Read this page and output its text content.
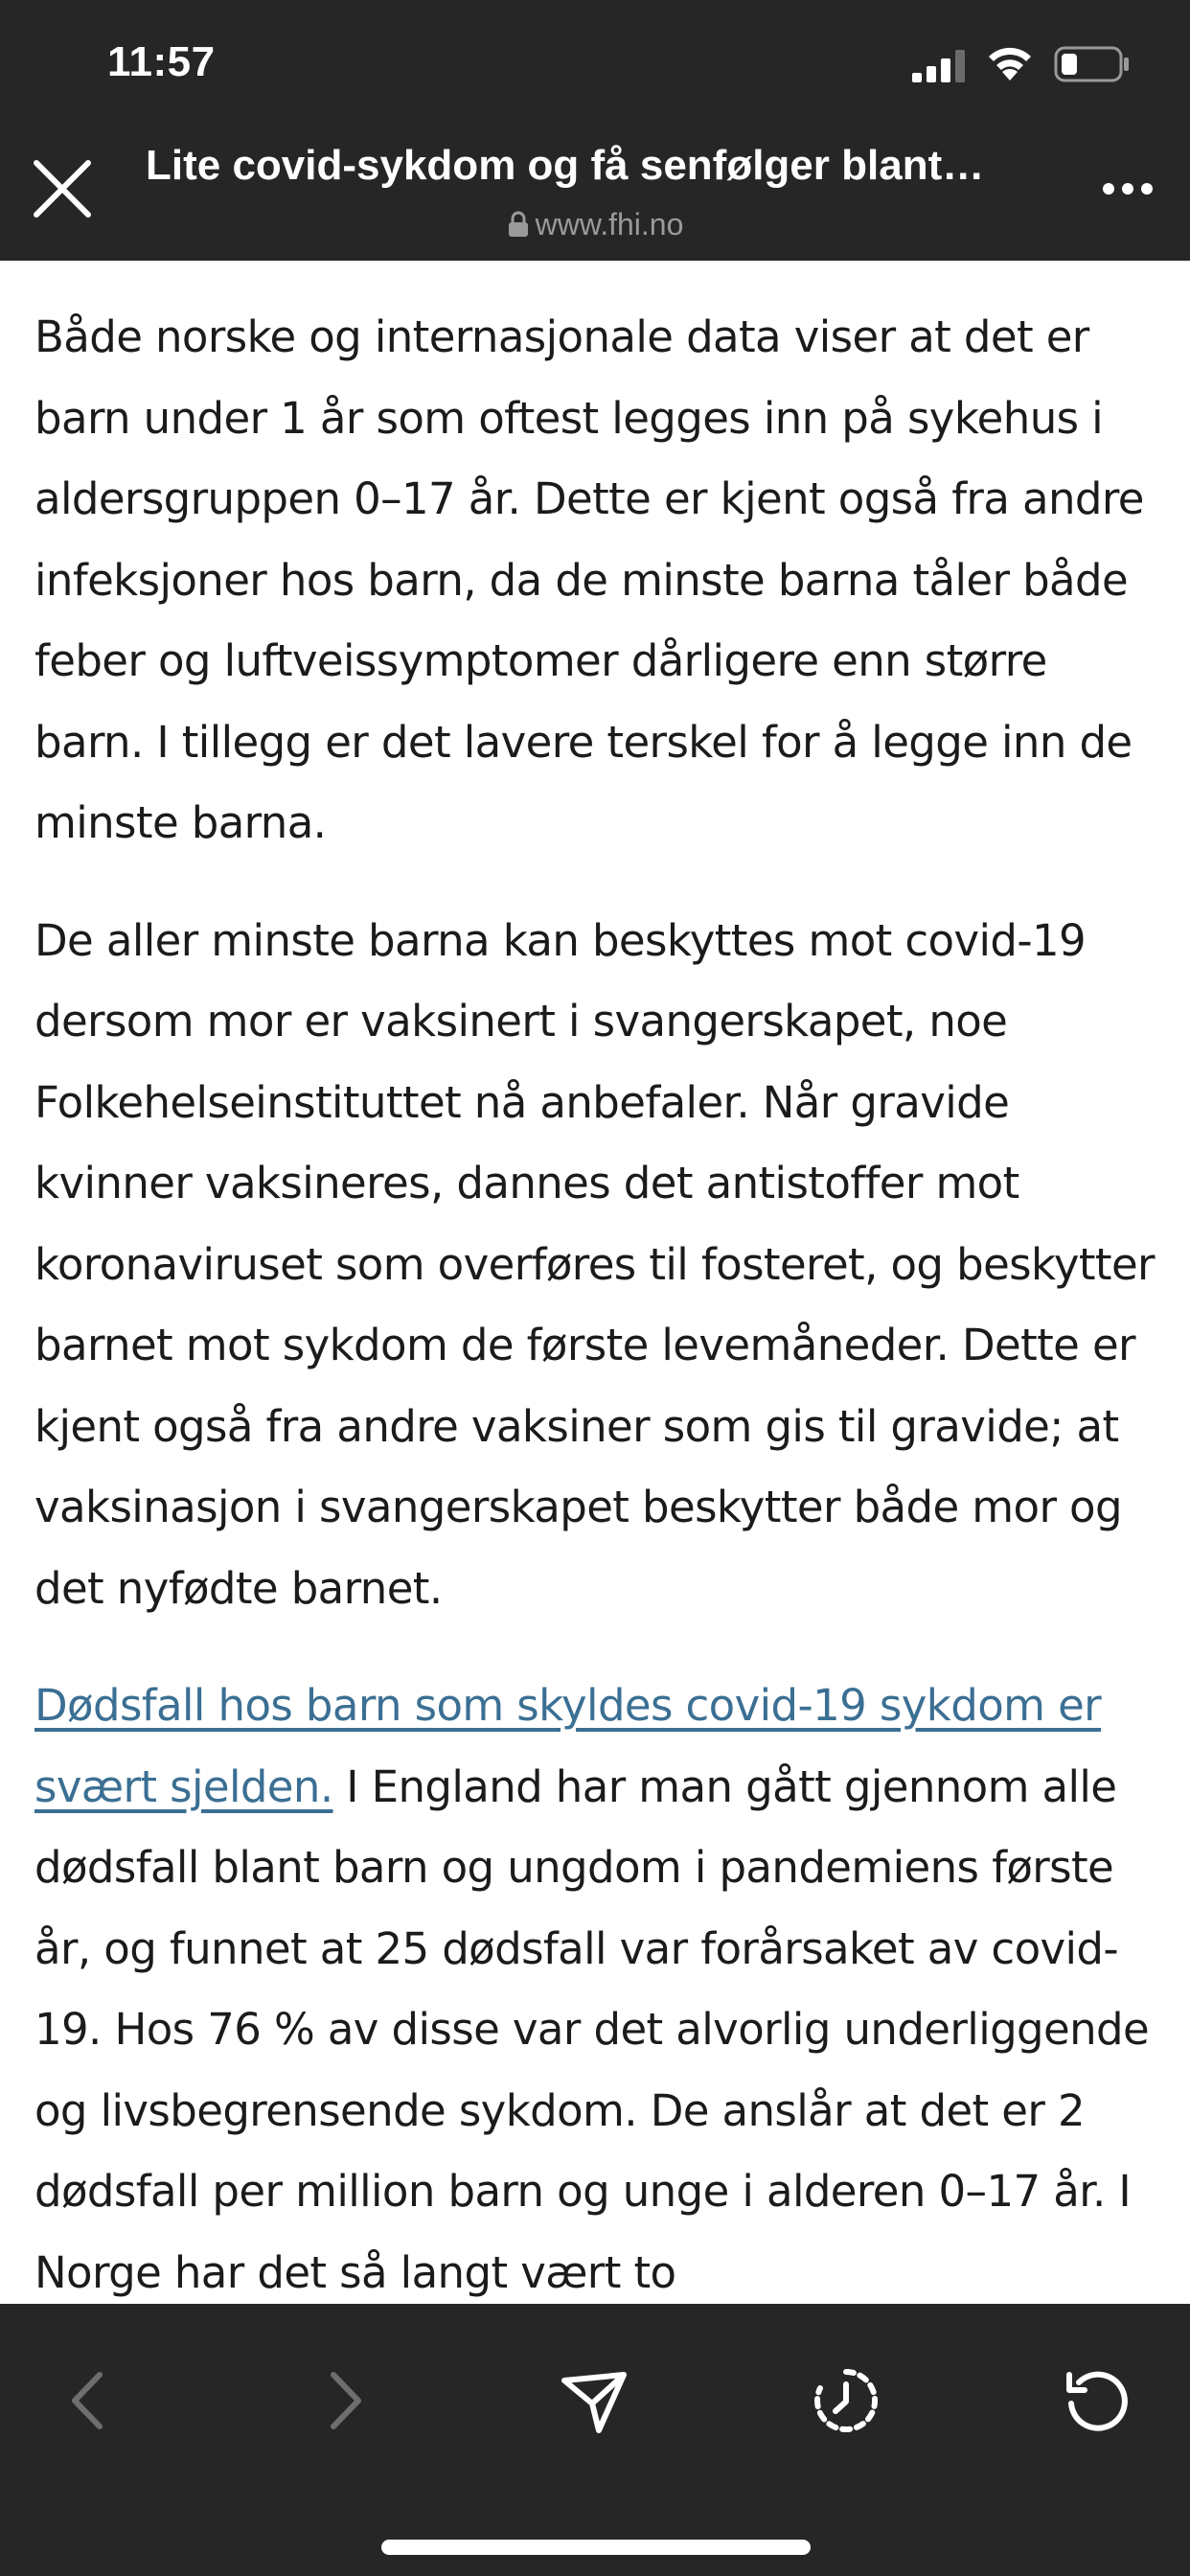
11:57
Lite covid-sykdom og få senfølger blant…
www.fhi.no

Både norske og internasjonale data viser at det er barn under 1 år som oftest legges inn på sykehus i aldersgruppen 0–17 år. Dette er kjent også fra andre infeksjoner hos barn, da de minste barna tåler både feber og luftveissymptomer dårligere enn større barn. I tillegg er det lavere terskel for å legge inn de minste barna.

De aller minste barna kan beskyttes mot covid-19 dersom mor er vaksinert i svangerskapet, noe Folkehelseinstituttet nå anbefaler. Når gravide kvinner vaksineres, dannes det antistoffer mot koronaviruset som overføres til fosteret, og beskytter barnet mot sykdom de første levemåneder. Dette er kjent også fra andre vaksiner som gis til gravide; at vaksinasjon i svangerskapet beskytter både mor og det nyfødte barnet.

Dødsfall hos barn som skyldes covid-19 sykdom er svært sjelden. I England har man gått gjennom alle dødsfall blant barn og ungdom i pandemiens første år, og funnet at 25 dødsfall var forårsaket av covid-19. Hos 76 % av disse var det alvorlig underliggende og livsbegrensende sykdom. De anslår at det er 2 dødsfall per million barn og unge i alderen 0–17 år. I Norge har det så langt vært to
